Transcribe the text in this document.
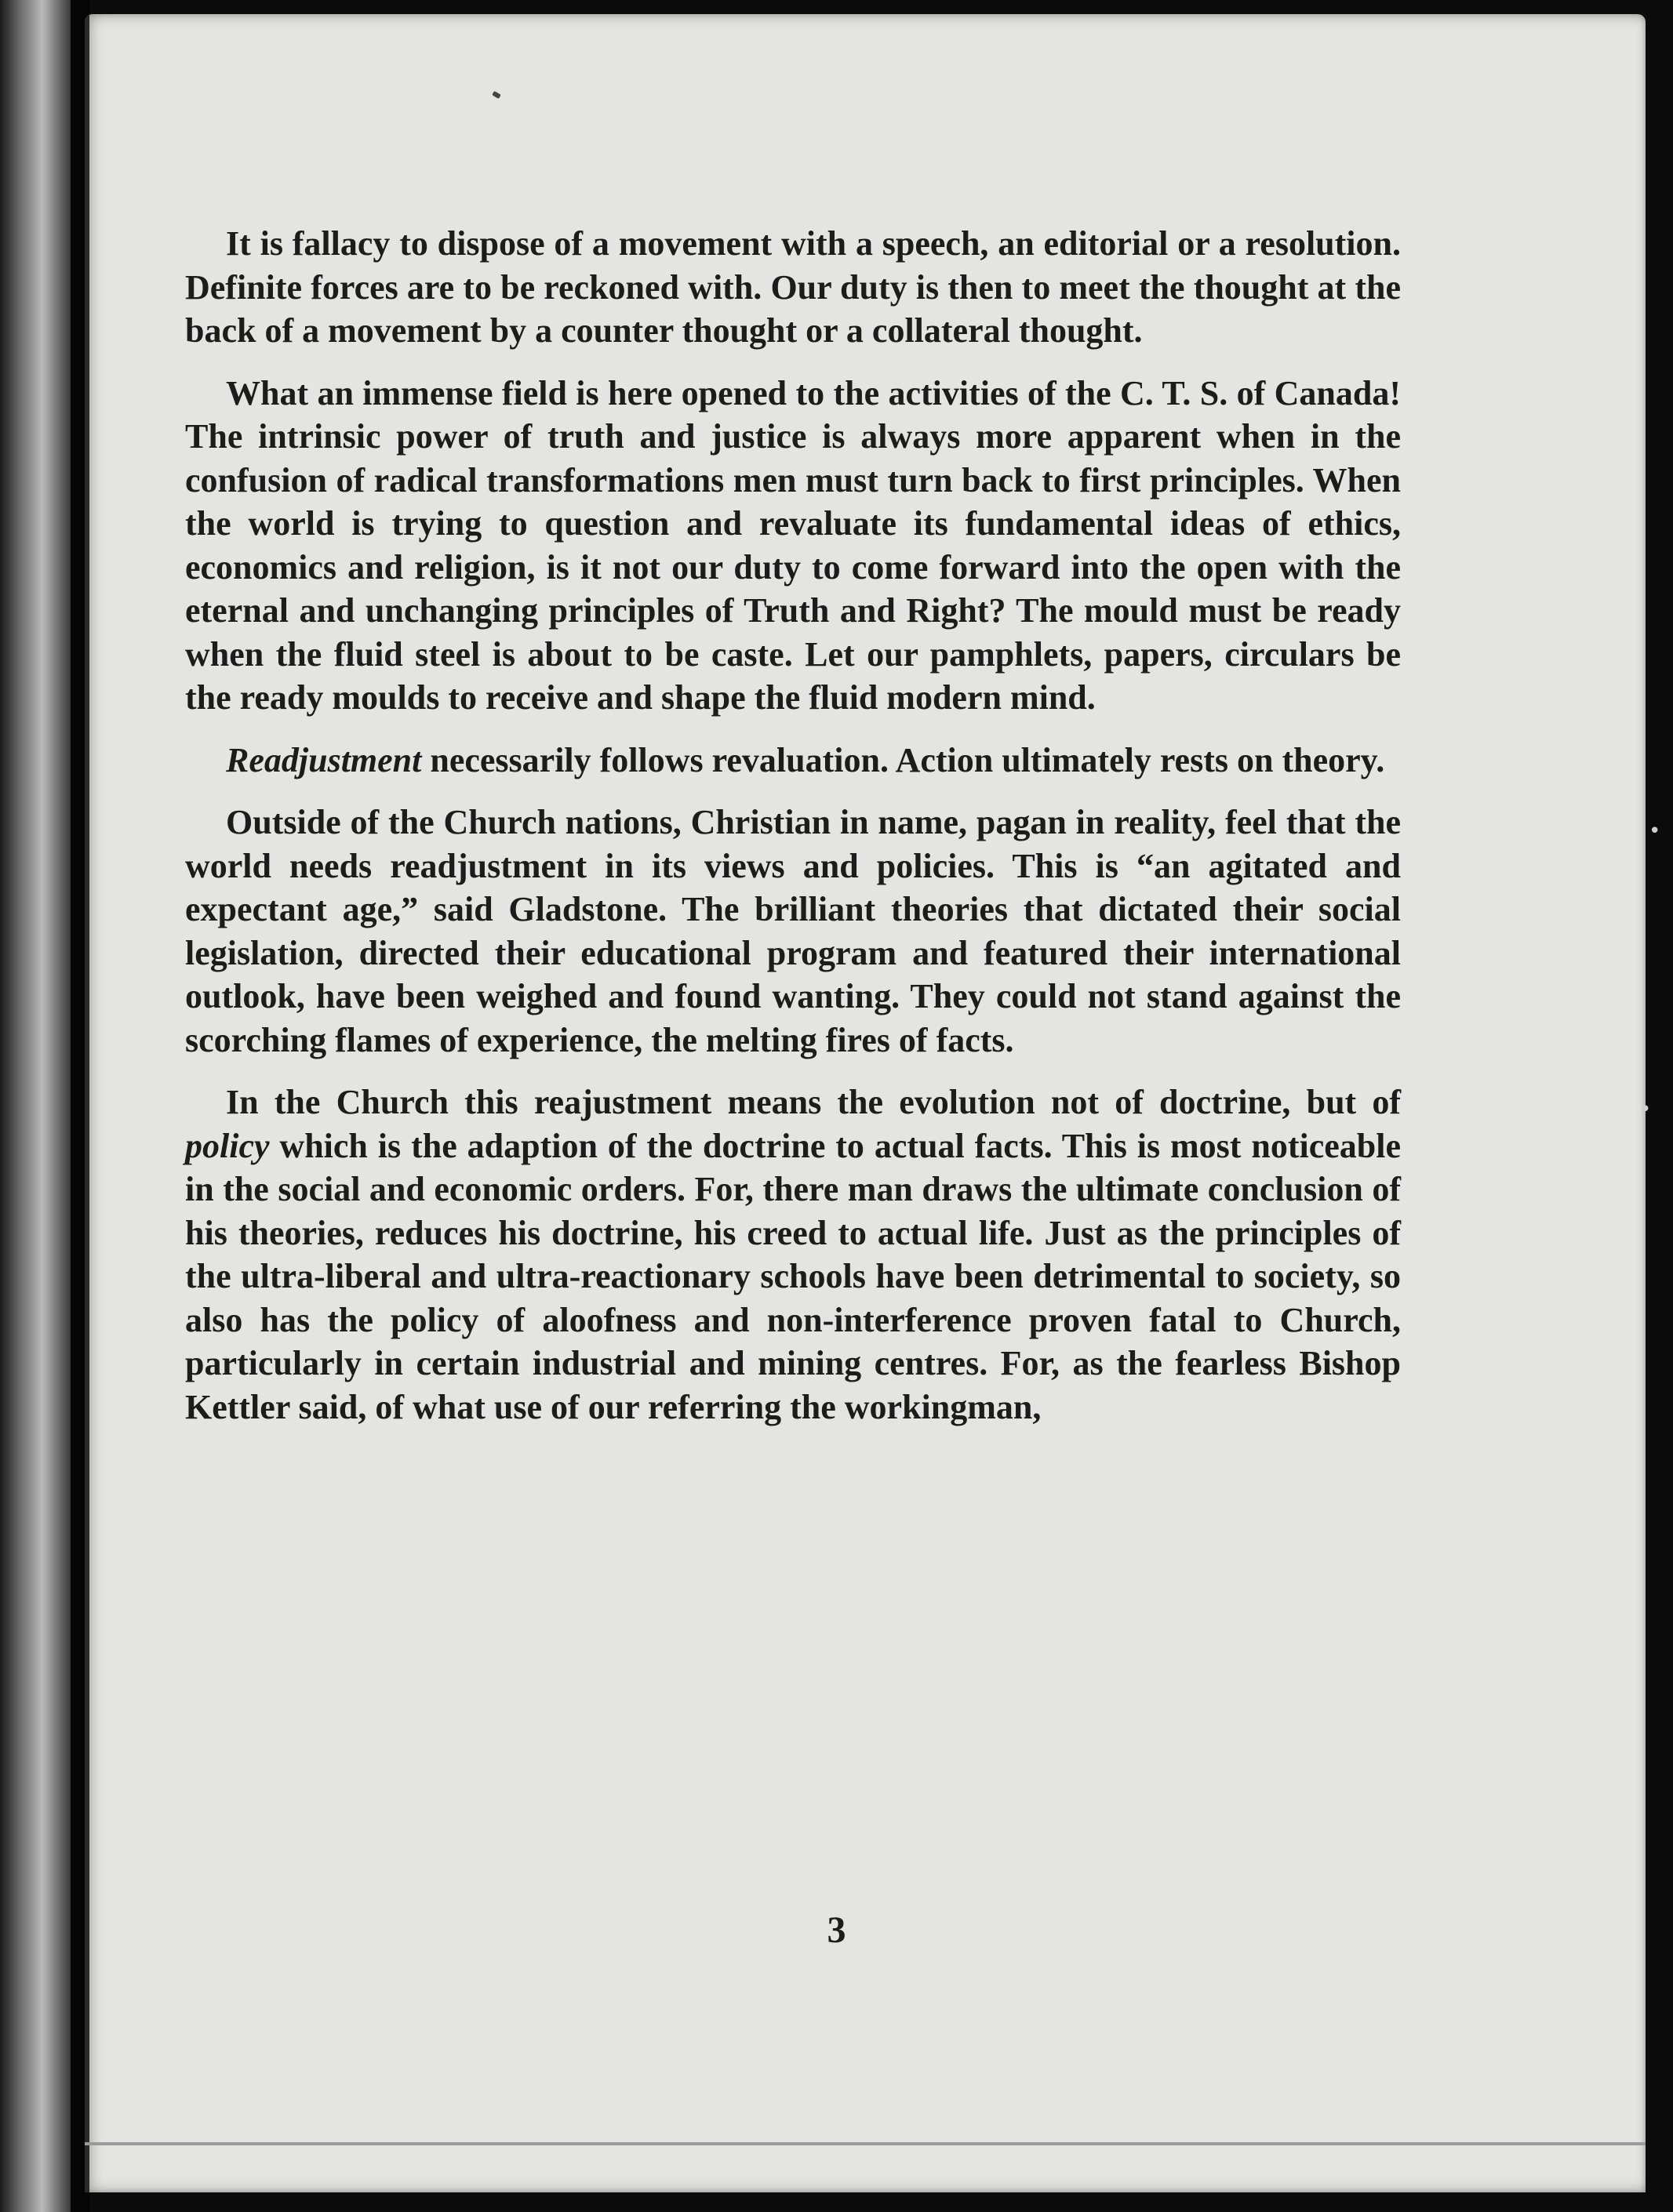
It is fallacy to dispose of a movement with a speech, an editorial or a resolution. Definite forces are to be reckoned with. Our duty is then to meet the thought at the back of a movement by a counter thought or a collateral thought.

What an immense field is here opened to the activities of the C. T. S. of Canada! The intrinsic power of truth and justice is always more apparent when in the confusion of radical transformations men must turn back to first principles. When the world is trying to question and revaluate its fundamental ideas of ethics, economics and religion, is it not our duty to come forward into the open with the eternal and unchanging principles of Truth and Right? The mould must be ready when the fluid steel is about to be caste. Let our pamphlets, papers, circulars be the ready moulds to receive and shape the fluid modern mind.

Readjustment necessarily follows revaluation. Action ultimately rests on theory.

Outside of the Church nations, Christian in name, pagan in reality, feel that the world needs readjustment in its views and policies. This is “an agitated and expectant age,” said Gladstone. The brilliant theories that dictated their social legislation, directed their educational program and featured their international outlook, have been weighed and found wanting. They could not stand against the scorching flames of experience, the melting fires of facts.

In the Church this reajustment means the evolution not of doctrine, but of policy which is the adaption of the doctrine to actual facts. This is most noticeable in the social and economic orders. For, there man draws the ultimate conclusion of his theories, reduces his doctrine, his creed to actual life. Just as the principles of the ultra-liberal and ultra-reactionary schools have been detrimental to society, so also has the policy of aloofness and non-interference proven fatal to Church, particularly in certain industrial and mining centres. For, as the fearless Bishop Kettler said, of what use of our referring the workingman,

3
•
•
